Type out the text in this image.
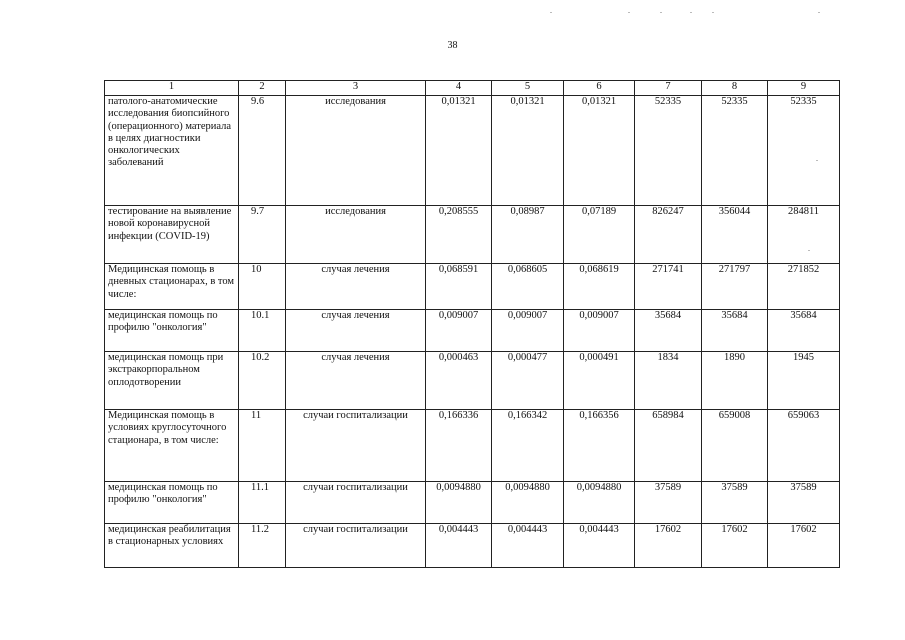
38
1	2	3	4	5	6	7	8	9
патолого-анатомические исследования биопсийного (операционного) материала в целях диагностики онкологических заболеваний	9.6	исследования	0,01321	0,01321	0,01321	52335	52335	52335
тестирование на выявление новой коронавирусной инфекции (COVID-19)	9.7	исследования	0,208555	0,08987	0,07189	826247	356044	284811
Медицинская помощь в дневных стационарах, в том числе:	10	случая лечения	0,068591	0,068605	0,068619	271741	271797	271852
медицинская помощь по профилю "онкология"	10.1	случая лечения	0,009007	0,009007	0,009007	35684	35684	35684
медицинская помощь при экстракорпоральном оплодотворении	10.2	случая лечения	0,000463	0,000477	0,000491	1834	1890	1945
Медицинская помощь в условиях круглосуточного стационара, в том числе:	11	случаи госпитализации	0,166336	0,166342	0,166356	658984	659008	659063
медицинская помощь по профилю "онкология"	11.1	случаи госпитализации	0,0094880	0,0094880	0,0094880	37589	37589	37589
медицинская реабилитация в стационарных условиях	11.2	случаи госпитализации	0,004443	0,004443	0,004443	17602	17602	17602
